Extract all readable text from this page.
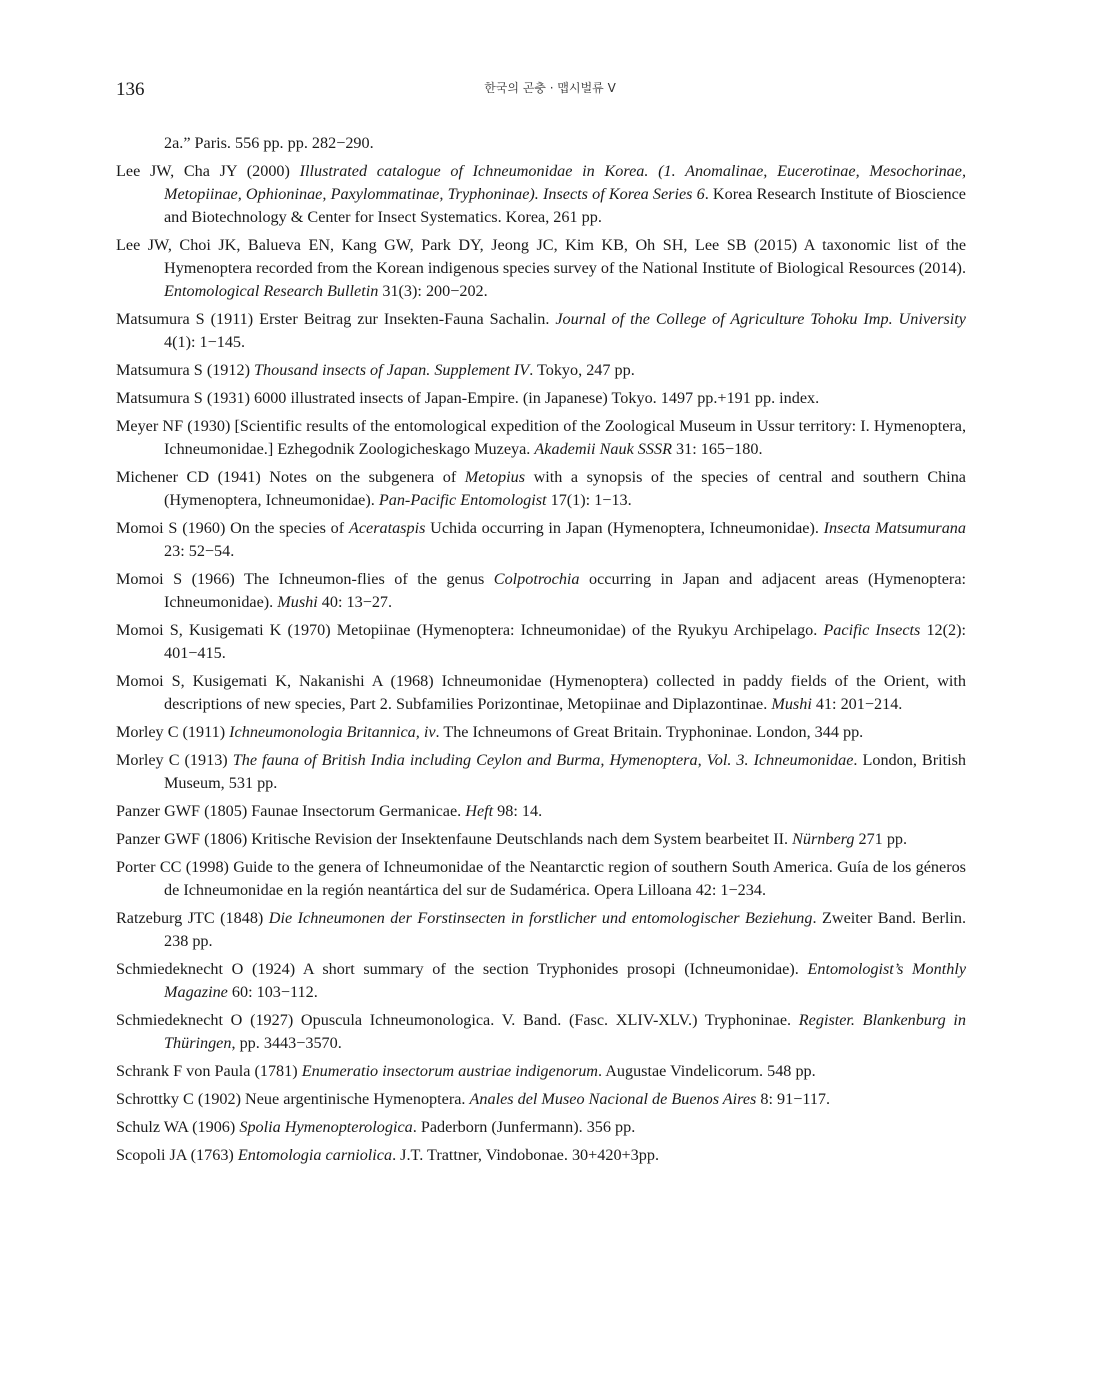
136	한국의 곤충 · 맵시벌류 V

2a.” Paris. 556 pp. pp. 282−290.

Lee JW, Cha JY (2000) Illustrated catalogue of Ichneumonidae in Korea. (1. Anomalinae, Eucerotinae, Mesochorinae, Metopiinae, Ophioninae, Paxylommatinae, Tryphoninae). Insects of Korea Series 6. Korea Research Institute of Bioscience and Biotechnology & Center for Insect Systematics. Korea, 261 pp.

Lee JW, Choi JK, Balueva EN, Kang GW, Park DY, Jeong JC, Kim KB, Oh SH, Lee SB (2015) A taxonomic list of the Hymenoptera recorded from the Korean indigenous species survey of the National Institute of Biological Resources (2014). Entomological Research Bulletin 31(3): 200−202.

Matsumura S (1911) Erster Beitrag zur Insekten-Fauna Sachalin. Journal of the College of Agriculture Tohoku Imp. University 4(1): 1−145.

Matsumura S (1912) Thousand insects of Japan. Supplement IV. Tokyo, 247 pp.

Matsumura S (1931) 6000 illustrated insects of Japan-Empire. (in Japanese) Tokyo. 1497 pp.+191 pp. index.

Meyer NF (1930) [Scientific results of the entomological expedition of the Zoological Museum in Ussur territory: I. Hymenoptera, Ichneumonidae.] Ezhegodnik Zoologicheskago Muzeya. Akademii Nauk SSSR 31: 165−180.

Michener CD (1941) Notes on the subgenera of Metopius with a synopsis of the species of central and southern China (Hymenoptera, Ichneumonidae). Pan-Pacific Entomologist 17(1): 1−13.

Momoi S (1960) On the species of Acerataspis Uchida occurring in Japan (Hymenoptera, Ichneumonidae). Insecta Matsumurana 23: 52−54.

Momoi S (1966) The Ichneumon-flies of the genus Colpotrochia occurring in Japan and adjacent areas (Hymenoptera: Ichneumonidae). Mushi 40: 13−27.

Momoi S, Kusigemati K (1970) Metopiinae (Hymenoptera: Ichneumonidae) of the Ryukyu Archipelago. Pacific Insects 12(2): 401−415.

Momoi S, Kusigemati K, Nakanishi A (1968) Ichneumonidae (Hymenoptera) collected in paddy fields of the Orient, with descriptions of new species, Part 2. Subfamilies Porizontinae, Metopiinae and Diplazontinae. Mushi 41: 201−214.

Morley C (1911) Ichneumonologia Britannica, iv. The Ichneumons of Great Britain. Tryphoninae. London, 344 pp.

Morley C (1913) The fauna of British India including Ceylon and Burma, Hymenoptera, Vol. 3. Ichneumonidae. London, British Museum, 531 pp.

Panzer GWF (1805) Faunae Insectorum Germanicae. Heft 98: 14.

Panzer GWF (1806) Kritische Revision der Insektenfaune Deutschlands nach dem System bearbeitet II. Nürnberg 271 pp.

Porter CC (1998) Guide to the genera of Ichneumonidae of the Neantarctic region of southern South America. Guía de los géneros de Ichneumonidae en la región neantártica del sur de Sudamérica. Opera Lilloana 42: 1−234.

Ratzeburg JTC (1848) Die Ichneumonen der Forstinsecten in forstlicher und entomologischer Beziehung. Zweiter Band. Berlin. 238 pp.

Schmiedeknecht O (1924) A short summary of the section Tryphonides prosopi (Ichneumonidae). Entomologist’s Monthly Magazine 60: 103−112.

Schmiedeknecht O (1927) Opuscula Ichneumonologica. V. Band. (Fasc. XLIV-XLV.) Tryphoninae. Register. Blankenburg in Thüringen, pp. 3443−3570.

Schrank F von Paula (1781) Enumeratio insectorum austriae indigenorum. Augustae Vindelicorum. 548 pp.

Schrottky C (1902) Neue argentinische Hymenoptera. Anales del Museo Nacional de Buenos Aires 8: 91−117.

Schulz WA (1906) Spolia Hymenopterologica. Paderborn (Junfermann). 356 pp.

Scopoli JA (1763) Entomologia carniolica. J.T. Trattner, Vindobonae. 30+420+3pp.
